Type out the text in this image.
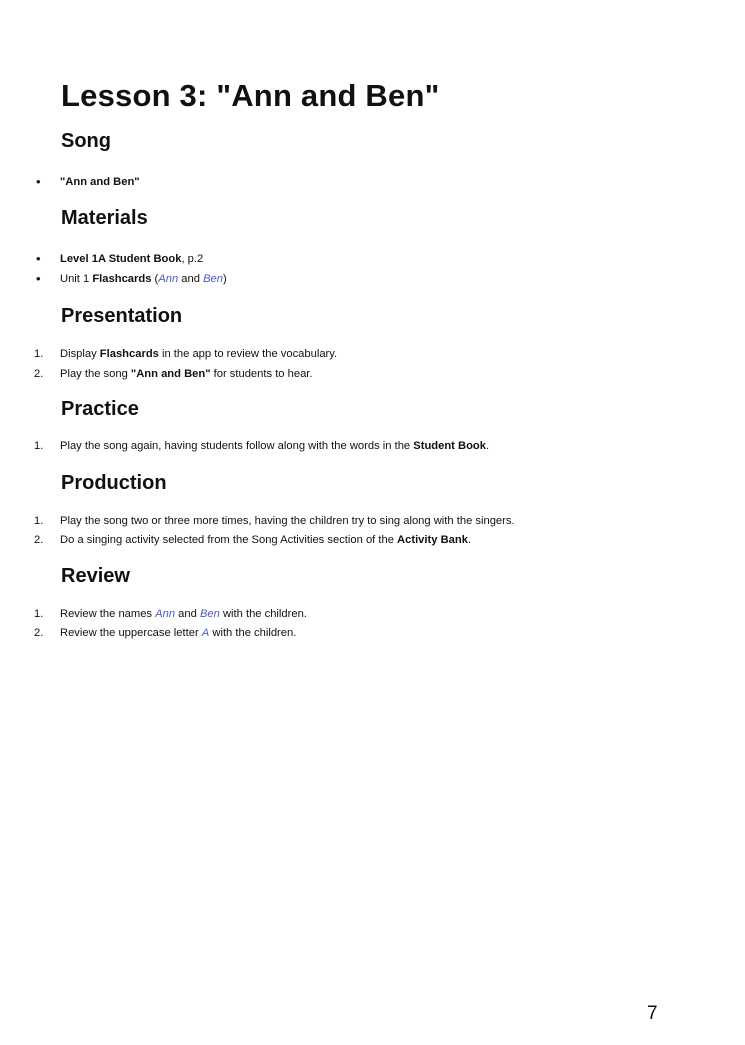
Lesson 3: "Ann and Ben"
Song
•	"Ann and Ben"
Materials
•	Level 1A Student Book, p.2
•	Unit 1 Flashcards (Ann and Ben)
Presentation
1.	Display Flashcards in the app to review the vocabulary.
2.	Play the song "Ann and Ben" for students to hear.
Practice
1.	Play the song again, having students follow along with the words in the Student Book.
Production
1.	Play the song two or three more times, having the children try to sing along with the singers.
2.	Do a singing activity selected from the Song Activities section of the Activity Bank.
Review
1.	Review the names Ann and Ben with the children.
2.	Review the uppercase letter A with the children.
7
